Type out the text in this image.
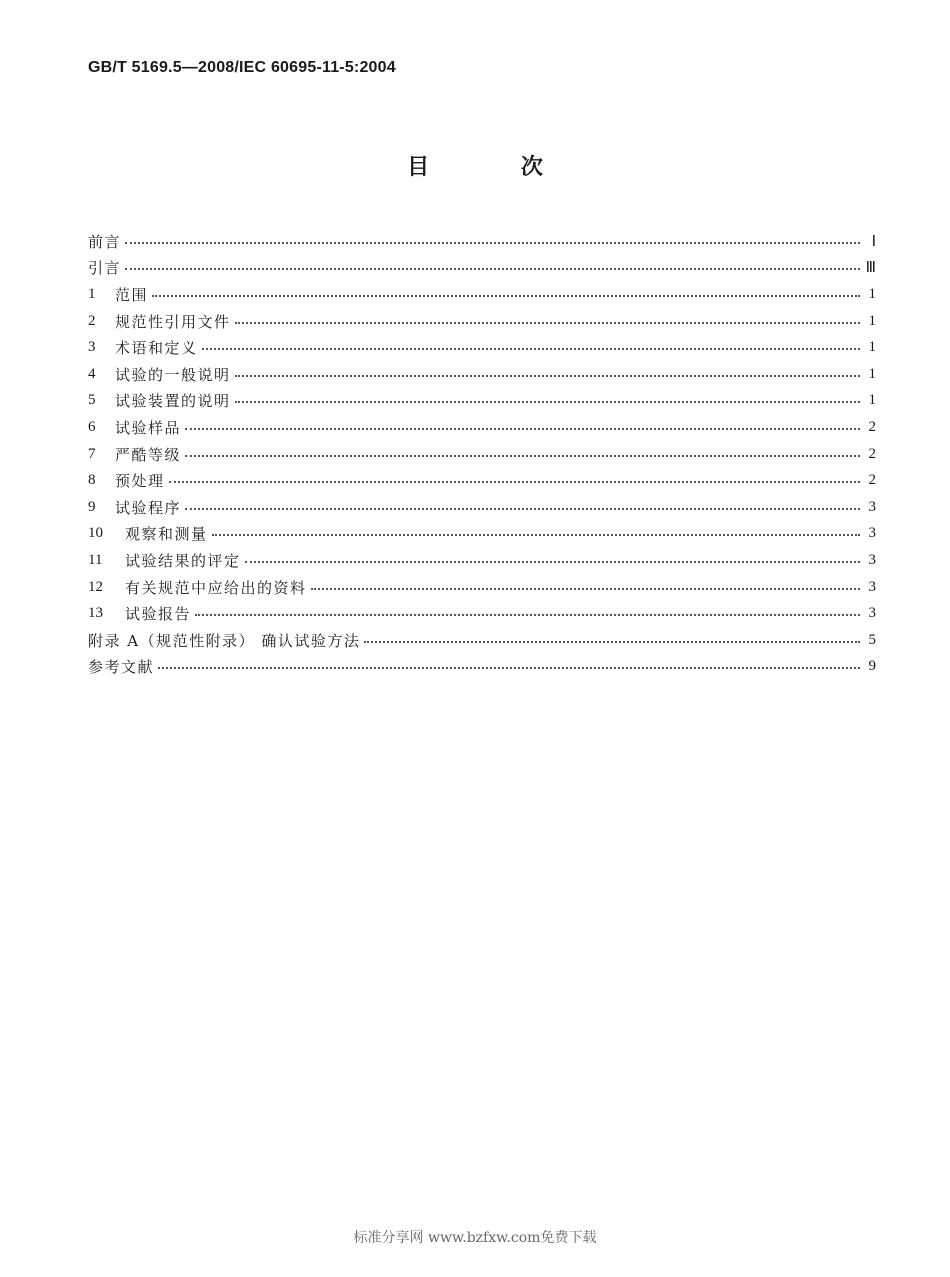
GB/T 5169.5—2008/IEC 60695-11-5:2004
目 次
前言	Ⅰ
引言	Ⅲ
1	范围	1
2	规范性引用文件	1
3	术语和定义	1
4	试验的一般说明	1
5	试验装置的说明	1
6	试验样品	2
7	严酷等级	2
8	预处理	2
9	试验程序	3
10	观察和测量	3
11	试验结果的评定	3
12	有关规范中应给出的资料	3
13	试验报告	3
附录 A（规范性附录） 确认试验方法	5
参考文献	9
标准分享网 www.bzfxw.com免费下载
